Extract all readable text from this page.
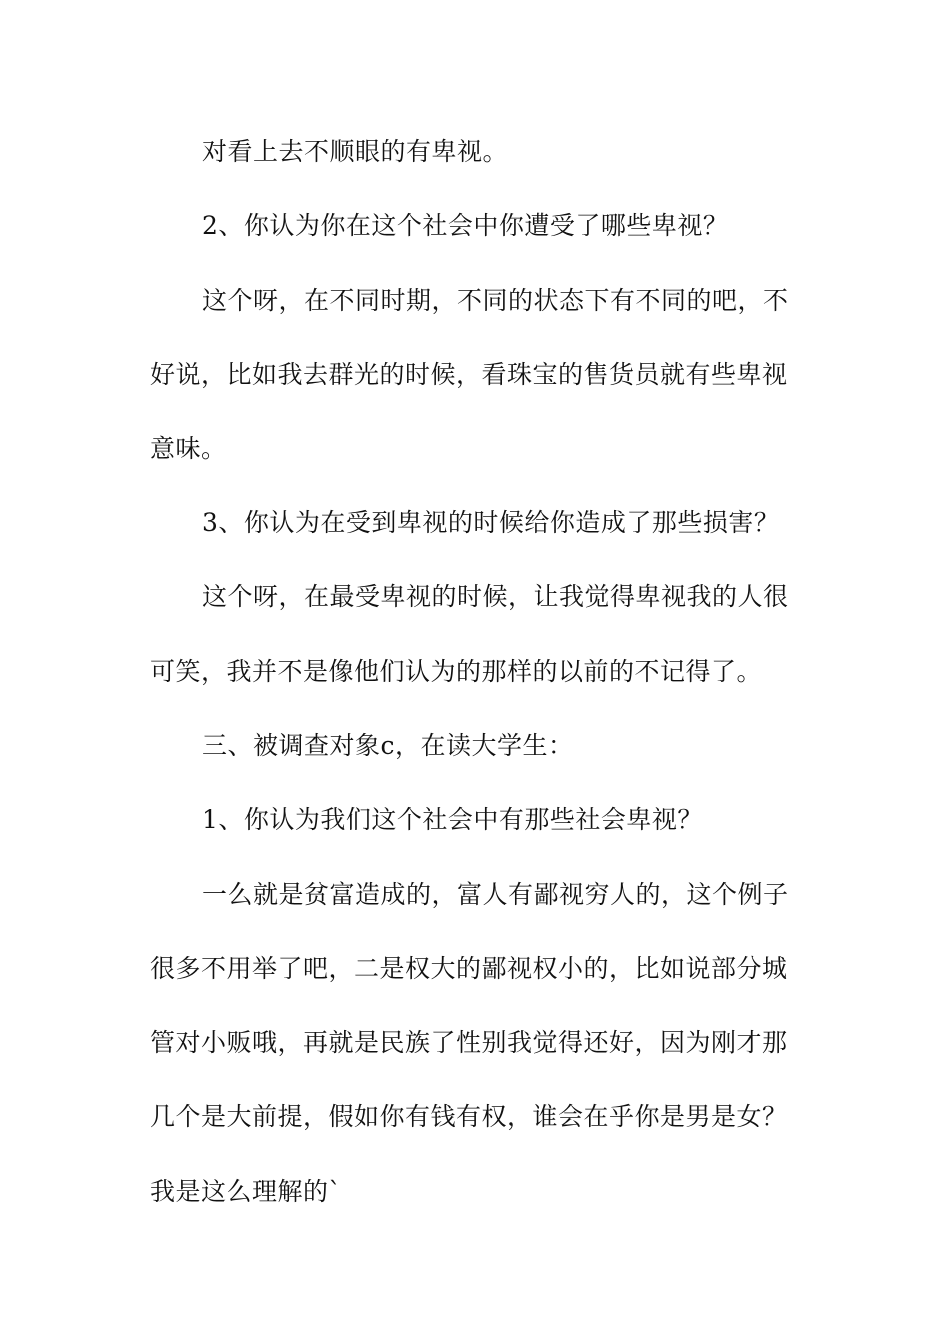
对看上去不顺眼的有卑视。
2、你认为你在这个社会中你遭受了哪些卑视？
这个呀，在不同时期，不同的状态下有不同的吧，不
好说，比如我去群光的时候，看珠宝的售货员就有些卑视
意味。
3、你认为在受到卑视的时候给你造成了那些损害？
这个呀，在最受卑视的时候，让我觉得卑视我的人很
可笑，我并不是像他们认为的那样的以前的不记得了。
三、被调查对象c，在读大学生：
1、你认为我们这个社会中有那些社会卑视？
一么就是贫富造成的，富人有鄙视穷人的，这个例子
很多不用举了吧，二是权大的鄙视权小的，比如说部分城
管对小贩哦，再就是民族了性别我觉得还好，因为刚才那
几个是大前提，假如你有钱有权，谁会在乎你是男是女？
我是这么理解的`
